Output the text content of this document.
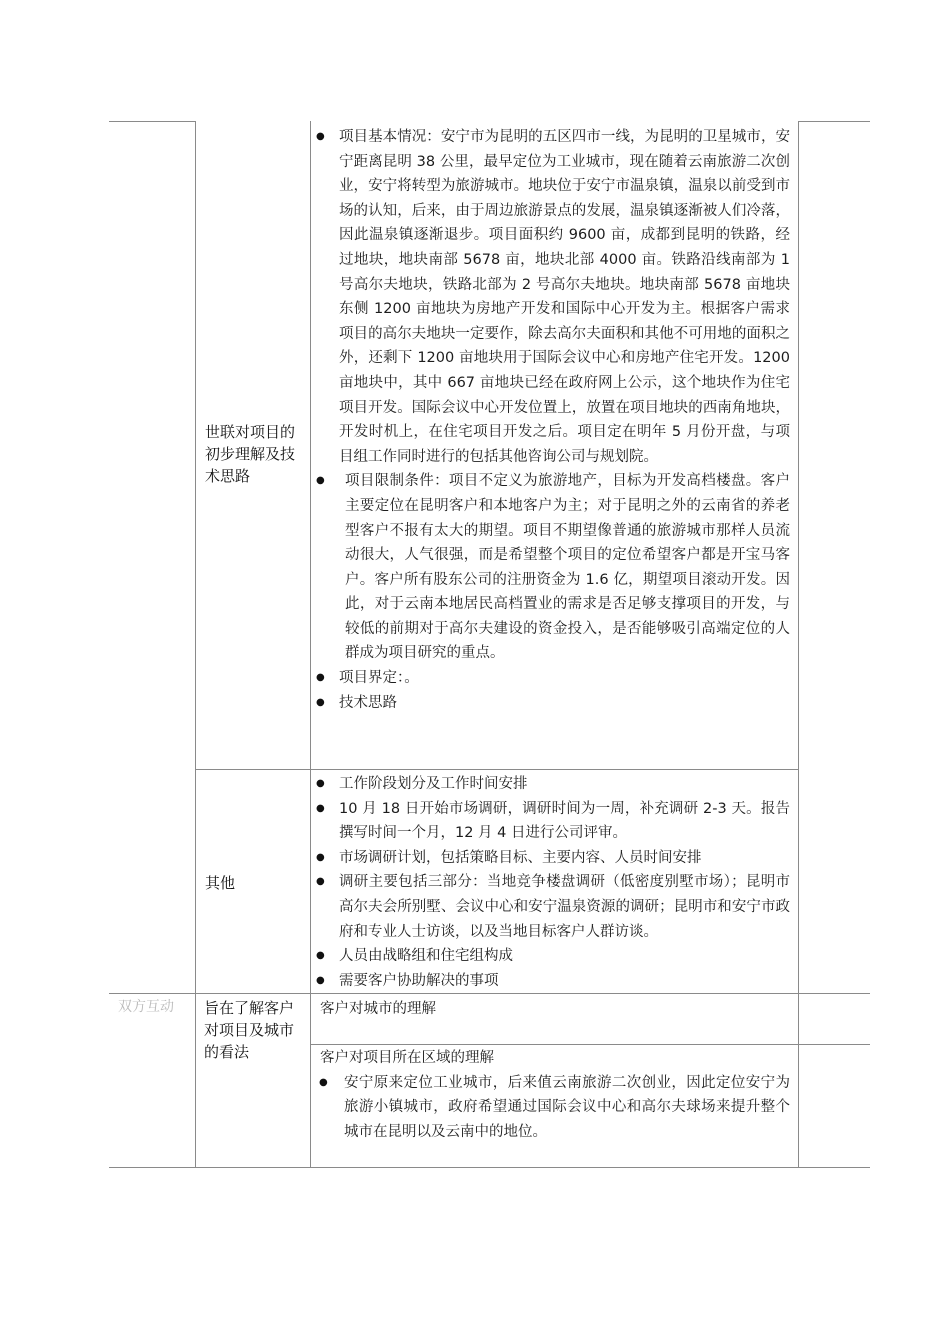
世联对项目的初步理解及技术思路
● 项目基本情况：安宁市为昆明的五区四市一线，为昆明的卫星城市，安宁距离昆明 38 公里，最早定位为工业城市，现在随着云南旅游二次创业，安宁将转型为旅游城市。地块位于安宁市温泉镇，温泉以前受到市场的认知，后来，由于周边旅游景点的发展，温泉镇逐渐被人们冷落，因此温泉镇逐渐退步。项目面积约 9600 亩，成都到昆明的铁路，经过地块，地块南部 5678 亩，地块北部 4000 亩。铁路沿线南部为 1 号高尔夫地块，铁路北部为 2 号高尔夫地块。地块南部 5678 亩地块东侧 1200 亩地块为房地产开发和国际中心开发为主。根据客户需求项目的高尔夫地块一定要作，除去高尔夫面积和其他不可用地的面积之外，还剩下 1200 亩地块用于国际会议中心和房地产住宅开发。1200 亩地块中，其中 667 亩地块已经在政府网上公示，这个地块作为住宅项目开发。国际会议中心开发位置上，放置在项目地块的西南角地块，开发时机上，在住宅项目开发之后。项目定在明年 5 月份开盘，与项目组工作同时进行的包括其他咨询公司与规划院。
● 项目限制条件：项目不定义为旅游地产，目标为开发高档楼盘。客户主要定位在昆明客户和本地客户为主；对于昆明之外的云南省的养老型客户不报有太大的期望。项目不期望像普通的旅游城市那样人员流动很大，人气很强，而是希望整个项目的定位希望客户都是开宝马客户。客户所有股东公司的注册资金为 1.6 亿，期望项目滚动开发。因此，对于云南本地居民高档置业的需求是否足够支撑项目的开发，与较低的前期对于高尔夫建设的资金投入，是否能够吸引高端定位的人群成为项目研究的重点。
● 项目界定：。
● 技术思路
其他
● 工作阶段划分及工作时间安排
● 10 月 18 日开始市场调研，调研时间为一周，补充调研 2-3 天。报告撰写时间一个月，12 月 4 日进行公司评审。
● 市场调研计划，包括策略目标、主要内容、人员时间安排
● 调研主要包括三部分：当地竞争楼盘调研（低密度别墅市场）；昆明市高尔夫会所别墅、会议中心和安宁温泉资源的调研；昆明市和安宁市政府和专业人士访谈，以及当地目标客户人群访谈。
● 人员由战略组和住宅组构成
● 需要客户协助解决的事项
双方互动	旨在了解客户对项目及城市的看法
客户对城市的理解

客户对项目所在区域的理解

● 安宁原来定位工业城市，后来值云南旅游二次创业，因此定位安宁为旅游小镇城市，政府希望通过国际会议中心和高尔夫球场来提升整个城市在昆明以及云南中的地位。
